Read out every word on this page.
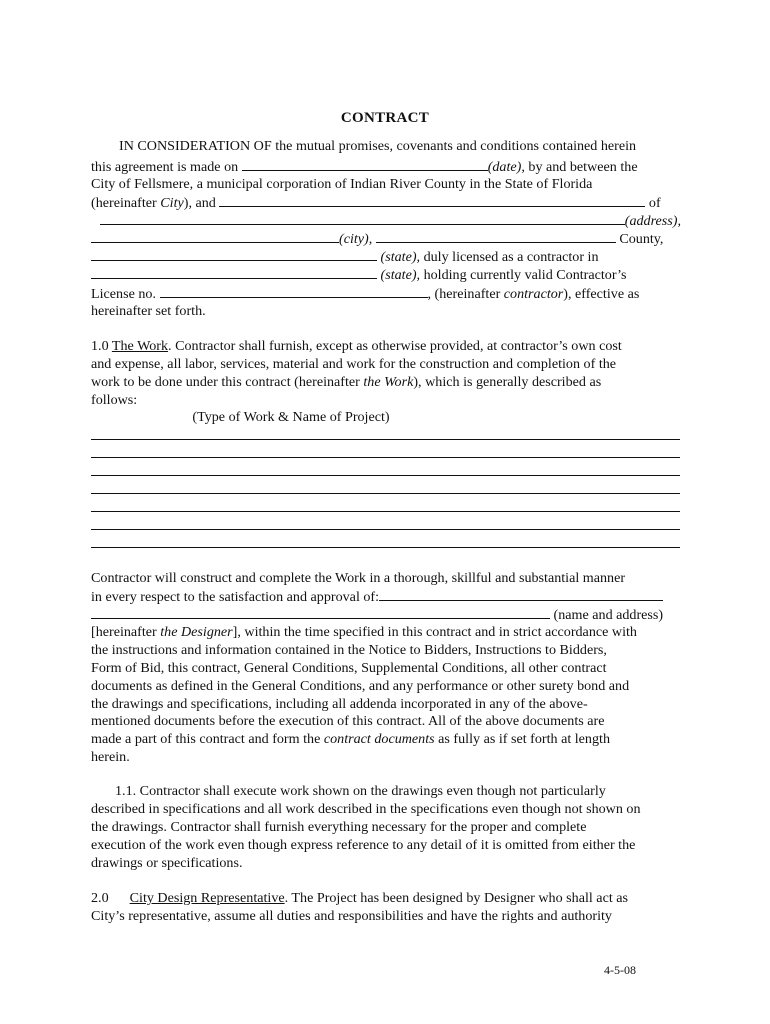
CONTRACT
IN CONSIDERATION OF the mutual promises, covenants and conditions contained herein
this agreement is made on	(date), by and between the
City of Fellsmere, a municipal corporation of Indian River County in the State of Florida
(hereinafter City), and	of
(address),
(city),	County,
(state), duly licensed as a contractor in
(state), holding currently valid Contractor’s
License no.	, (hereinafter contractor), effective as
hereinafter set forth.
1.0 The Work. Contractor shall furnish, except as otherwise provided, at contractor’s own cost
and expense, all labor, services, material and work for the construction and completion of the
work to be done under this contract (hereinafter the Work), which is generally described as
follows:
(Type of Work & Name of Project)
Contractor will construct and complete the Work in a thorough, skillful and substantial manner
in every respect to the satisfaction and approval of:
(name and address)
[hereinafter the Designer], within the time specified in this contract and in strict accordance with
the instructions and information contained in the Notice to Bidders, Instructions to Bidders,
Form of Bid, this contract, General Conditions, Supplemental Conditions, all other contract
documents as defined in the General Conditions, and any performance or other surety bond and
the drawings and specifications, including all addenda incorporated in any of the above-
mentioned documents before the execution of this contract. All of the above documents are
made a part of this contract and form the contract documents as fully as if set forth at length
herein.
1.1. Contractor shall execute work shown on the drawings even though not particularly
described in specifications and all work described in the specifications even though not shown on
the drawings. Contractor shall furnish everything necessary for the proper and complete
execution of the work even though express reference to any detail of it is omitted from either the
drawings or specifications.
2.0 City Design Representative. The Project has been designed by Designer who shall act as
City’s representative, assume all duties and responsibilities and have the rights and authority
4-5-08
